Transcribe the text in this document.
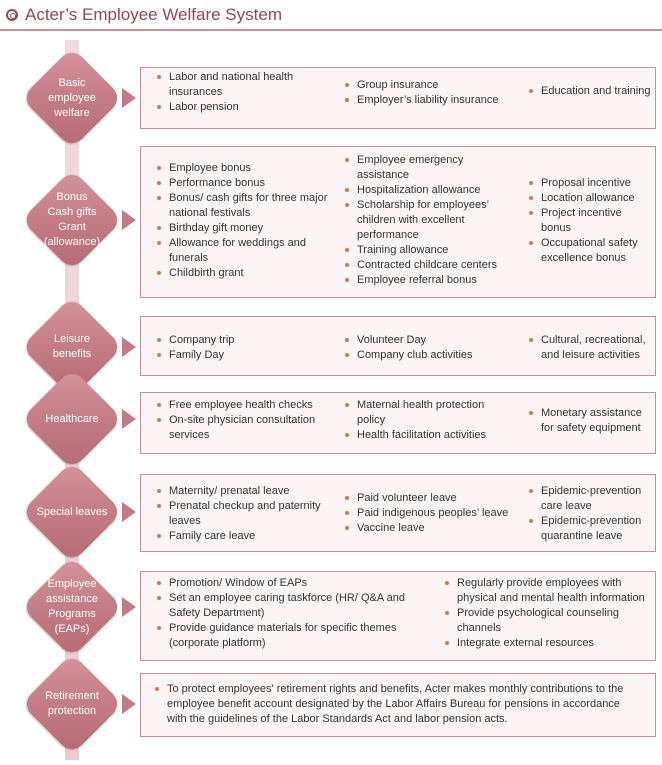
Acter’s Employee Welfare System
Basic
employee
welfare
Labor and national health
insurances
Labor pension
Group insurance
Employer’s liability insurance
Education and training
Bonus
Cash gifts
Grant
(allowance)
Employee bonus
Performance bonus
Bonus/ cash gifts for three major
national festivals
Birthday gift money
Allowance for weddings and
funerals
Childbirth grant
Employee emergency
assistance
Hospitalization allowance
Scholarship for employees’
children with excellent
performance
Training allowance
Contracted childcare centers
Employee referral bonus
Proposal incentive
Location allowance
Project incentive
bonus
Occupational safety
excellence bonus
Leisure
benefits
Company trip
Family Day
Volunteer Day
Company club activities
Cultural, recreational,
and leisure activities
Healthcare
Free employee health checks
On-site physician consultation
services
Maternal health protection
policy
Health facilitation activities
Monetary assistance
for safety equipment
Special leaves
Maternity/ prenatal leave
Prenatal checkup and paternity
leaves
Family care leave
Paid volunteer leave
Paid indigenous peoples’ leave
Vaccine leave
Epidemic-prevention
care leave
Epidemic-prevention
quarantine leave
Employee
assistance
Programs
(EAPs)
Promotion/ Window of EAPs
Set an employee caring taskforce (HR/ Q&A and
Safety Department)
Provide guidance materials for specific themes
(corporate platform)
Regularly provide employees with
physical and mental health information
Provide psychological counseling
channels
Integrate external resources
Retirement
protection
To protect employees' retirement rights and benefits, Acter makes monthly contributions to the
employee benefit account designated by the Labor Affairs Bureau for pensions in accordance
with the guidelines of the Labor Standards Act and labor pension acts.
